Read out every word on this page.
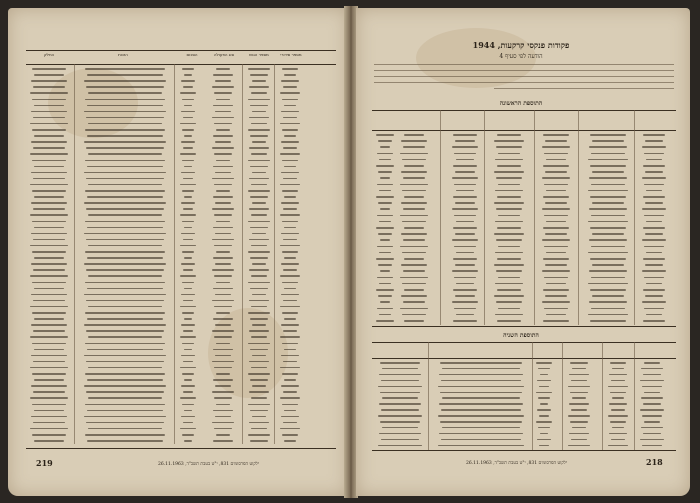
מספר סידורי
מספר הגוש
סוג הפעולה
הסכום
הזכות
החלק
219	ילקוט הפרסומים 831, י"ט בטבת תשכ"ד, 26.11.1963
פקודות פנקסי קרקעות, 1944
הודעה לפי סעיף 4
התוספת הראשונה
התוספת השניה
ילקוט הפרסומים 831, י"ט בטבת תשכ"ד, 26.11.1963	218
